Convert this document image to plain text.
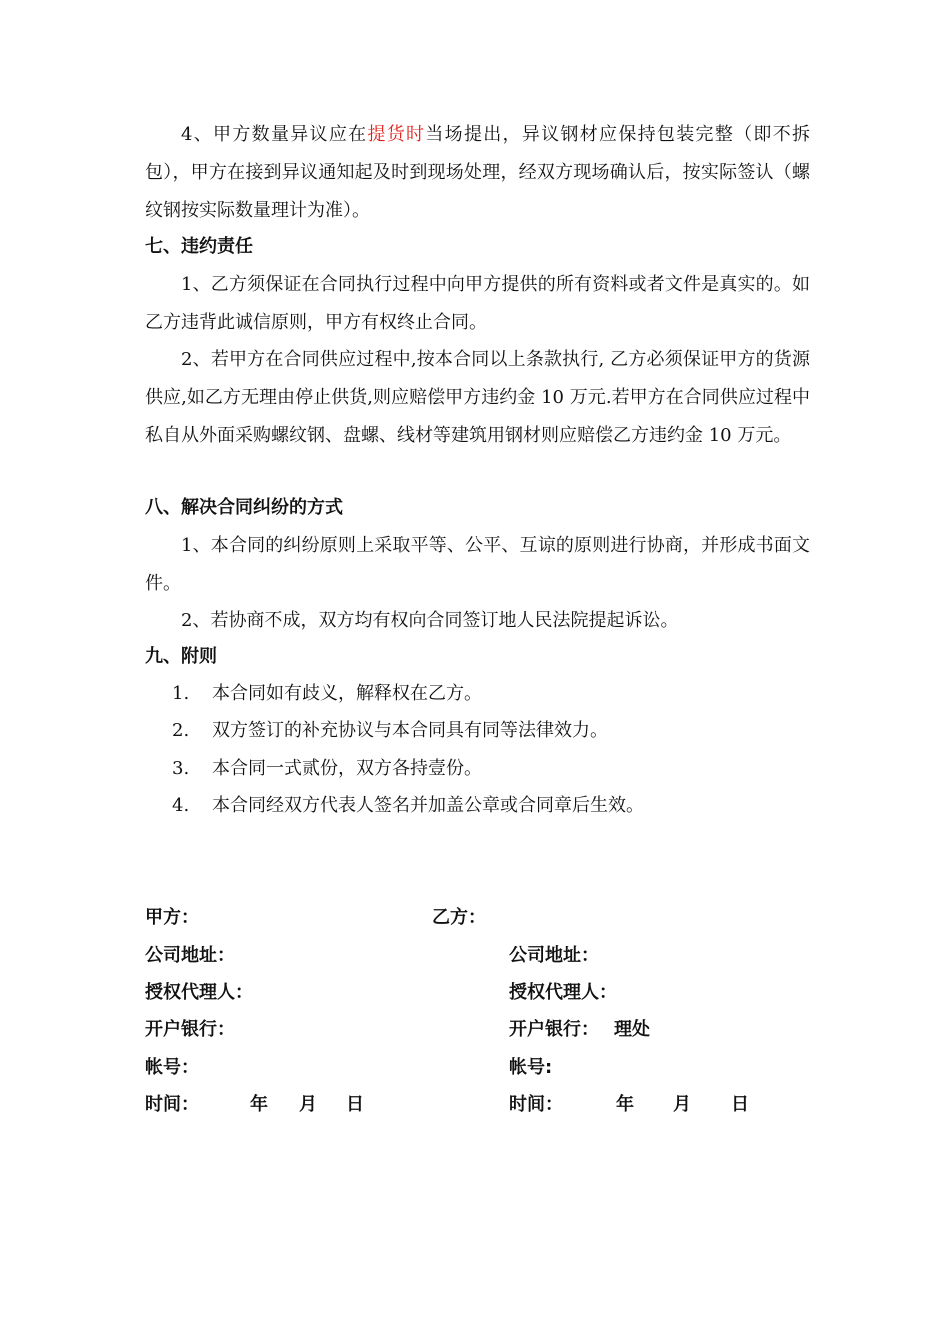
4、甲方数量异议应在提货时当场提出，异议钢材应保持包装完整（即不拆包），甲方在接到异议通知起及时到现场处理，经双方现场确认后，按实际签认（螺纹钢按实际数量理计为准）。

七、违约责任

1、乙方须保证在合同执行过程中向甲方提供的所有资料或者文件是真实的。如乙方违背此诚信原则，甲方有权终止合同。

2、若甲方在合同供应过程中,按本合同以上条款执行, 乙方必须保证甲方的货源供应,如乙方无理由停止供货,则应赔偿甲方违约金 10 万元.若甲方在合同供应过程中私自从外面采购螺纹钢、盘螺、线材等建筑用钢材则应赔偿乙方违约金 10 万元。

八、解决合同纠纷的方式

1、本合同的纠纷原则上采取平等、公平、互谅的原则进行协商，并形成书面文件。

2、若协商不成，双方均有权向合同签订地人民法院提起诉讼。

九、附则

1. 本合同如有歧义，解释权在乙方。

2. 双方签订的补充协议与本合同具有同等法律效力。

3. 本合同一式贰份，双方各持壹份。

4. 本合同经双方代表人签名并加盖公章或合同章后生效。

甲方：	乙方：

公司地址：	公司地址：

授权代理人：	授权代理人：

开户银行：	开户银行： 理处

帐号：	帐号:

时间：	年 月 日	时间：	年 月 日
